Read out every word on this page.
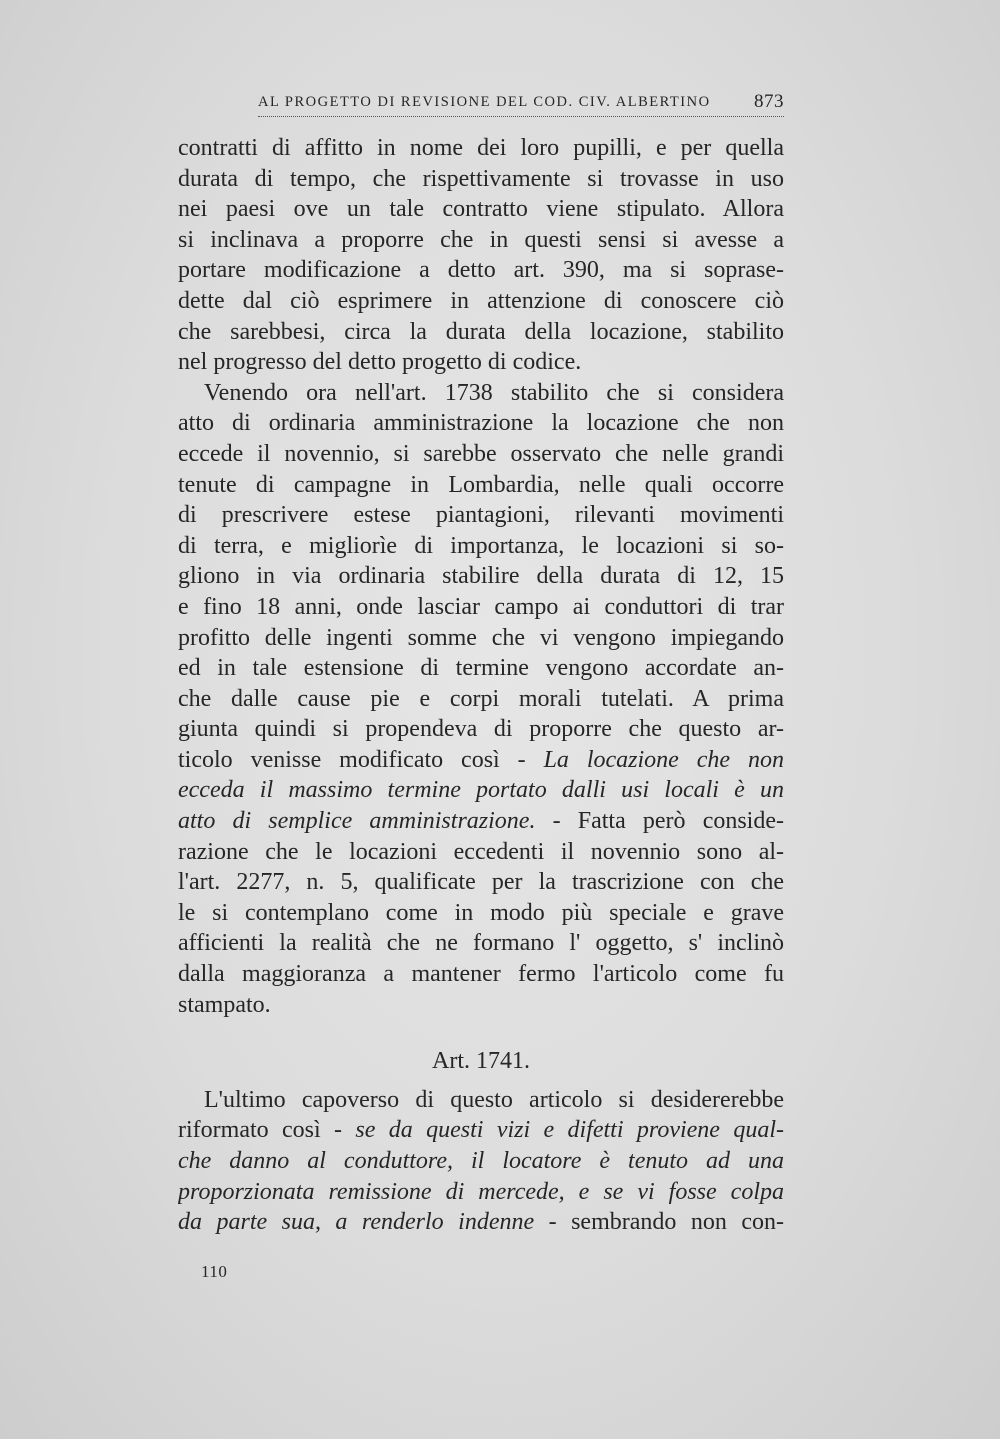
AL PROGETTO DI REVISIONE DEL COD. CIV. ALBERTINO 873
contratti di affitto in nome dei loro pupilli, e per quella
durata di tempo, che rispettivamente si trovasse in uso
nei paesi ove un tale contratto viene stipulato. Allora
si inclinava a proporre che in questi sensi si avesse a
portare modificazione a detto art. 390, ma si soprase-
dette dal ciò esprimere in attenzione di conoscere ciò
che sarebbesi, circa la durata della locazione, stabilito
nel progresso del detto progetto di codice.
Venendo ora nell'art. 1738 stabilito che si considera
atto di ordinaria amministrazione la locazione che non
eccede il novennio, si sarebbe osservato che nelle grandi
tenute di campagne in Lombardia, nelle quali occorre
di prescrivere estese piantagioni, rilevanti movimenti
di terra, e migliorìe di importanza, le locazioni si so-
gliono in via ordinaria stabilire della durata di 12, 15
e fino 18 anni, onde lasciar campo ai conduttori di trar
profitto delle ingenti somme che vi vengono impiegando
ed in tale estensione di termine vengono accordate an-
che dalle cause pie e corpi morali tutelati. A prima
giunta quindi si propendeva di proporre che questo ar-
ticolo venisse modificato così - La locazione che non
ecceda il massimo termine portato dalli usi locali è un
atto di semplice amministrazione. - Fatta però conside-
razione che le locazioni eccedenti il novennio sono al-
l'art. 2277, n. 5, qualificate per la trascrizione con che
le si contemplano come in modo più speciale e grave
afficienti la realità che ne formano l' oggetto, s' inclinò
dalla maggioranza a mantener fermo l'articolo come fu
stampato.
Art. 1741.
L'ultimo capoverso di questo articolo si desidererebbe
riformato così - se da questi vizi e difetti proviene qual-
che danno al conduttore, il locatore è tenuto ad una
proporzionata remissione di mercede, e se vi fosse colpa
da parte sua, a renderlo indenne - sembrando non con-
110
